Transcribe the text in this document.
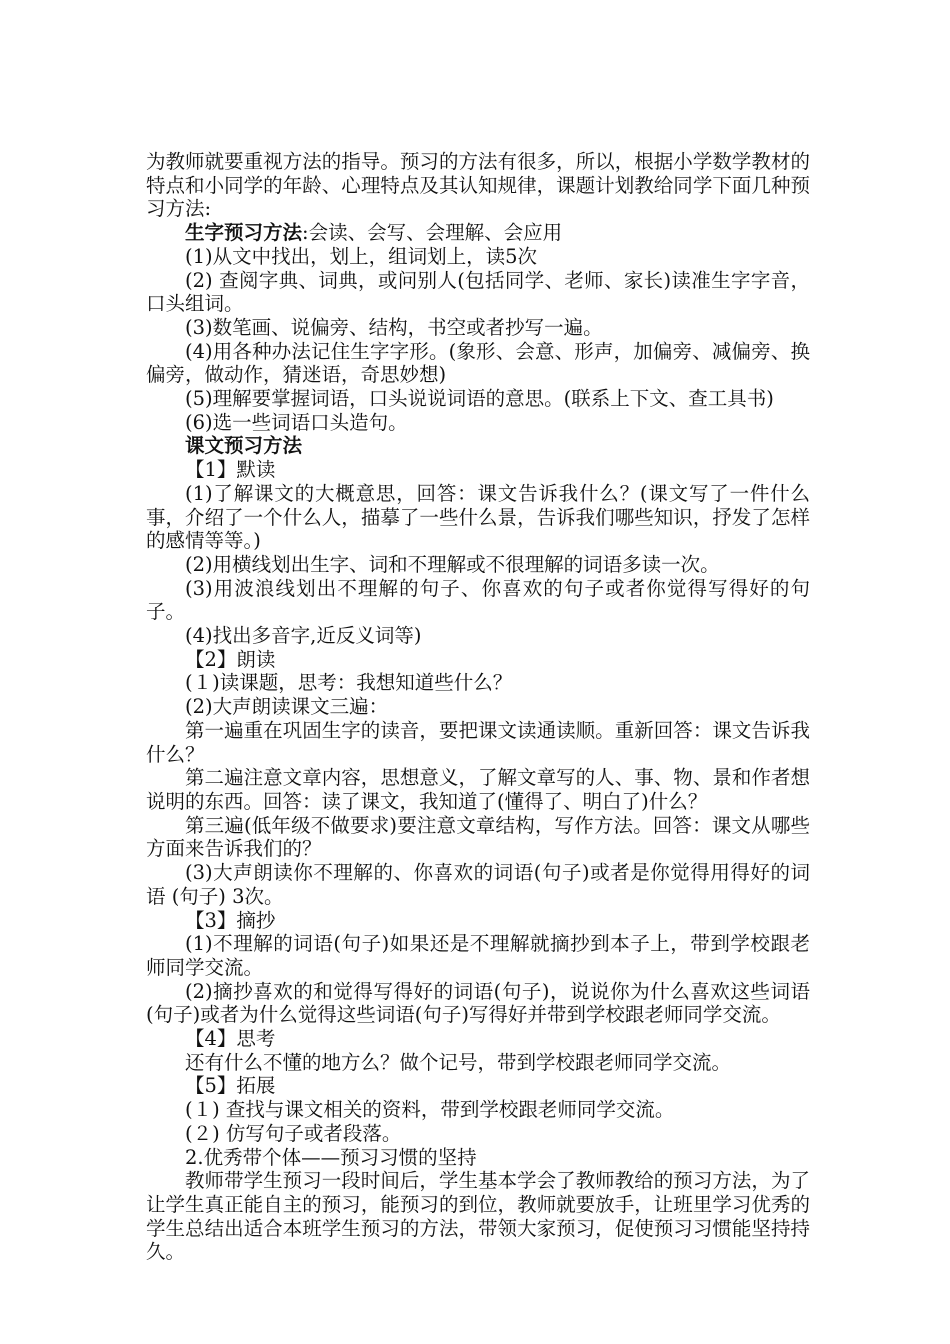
为教师就要重视方法的指导。预习的方法有很多，所以，根据小学数学教材的特点和小同学的年龄、心理特点及其认知规律，课题计划教给同学下面几种预习方法:

生字预习方法:会读、会写、会理解、会应用

(1)从文中找出，划上，组词划上，读5次

(2) 查阅字典、词典，或问别人(包括同学、老师、家长)读准生字字音，口头组词。

(3)数笔画、说偏旁、结构，书空或者抄写一遍。

(4)用各种办法记住生字字形。(象形、会意、形声，加偏旁、减偏旁、换偏旁，做动作，猜迷语，奇思妙想)

(5)理解要掌握词语，口头说说词语的意思。(联系上下文、查工具书)

(6)选一些词语口头造句。

课文预习方法

【1】默读

(1)了解课文的大概意思，回答：课文告诉我什么？(课文写了一件什么事，介绍了一个什么人，描摹了一些什么景，告诉我们哪些知识，抒发了怎样的感情等等。)

(2)用横线划出生字、词和不理解或不很理解的词语多读一次。

(3)用波浪线划出不理解的句子、你喜欢的句子或者你觉得写得好的句子。

(4)找出多音字,近反义词等)

【2】朗读

(１)读课题，思考：我想知道些什么？

(2)大声朗读课文三遍：

第一遍重在巩固生字的读音，要把课文读通读顺。重新回答：课文告诉我什么？

第二遍注意文章内容，思想意义，了解文章写的人、事、物、景和作者想说明的东西。回答：读了课文，我知道了(懂得了、明白了)什么？

第三遍(低年级不做要求)要注意文章结构，写作方法。回答：课文从哪些方面来告诉我们的？

(3)大声朗读你不理解的、你喜欢的词语(句子)或者是你觉得用得好的词语 (句子) 3次。

【3】摘抄

(1)不理解的词语(句子)如果还是不理解就摘抄到本子上，带到学校跟老师同学交流。

(2)摘抄喜欢的和觉得写得好的词语(句子)，说说你为什么喜欢这些词语(句子)或者为什么觉得这些词语(句子)写得好并带到学校跟老师同学交流。

【4】思考

还有什么不懂的地方么？做个记号，带到学校跟老师同学交流。

【5】拓展

(１) 查找与课文相关的资料，带到学校跟老师同学交流。

(２) 仿写句子或者段落。

2.优秀带个体——预习习惯的坚持

教师带学生预习一段时间后，学生基本学会了教师教给的预习方法，为了让学生真正能自主的预习，能预习的到位，教师就要放手，让班里学习优秀的学生总结出适合本班学生预习的方法，带领大家预习，促使预习习惯能坚持持久。
